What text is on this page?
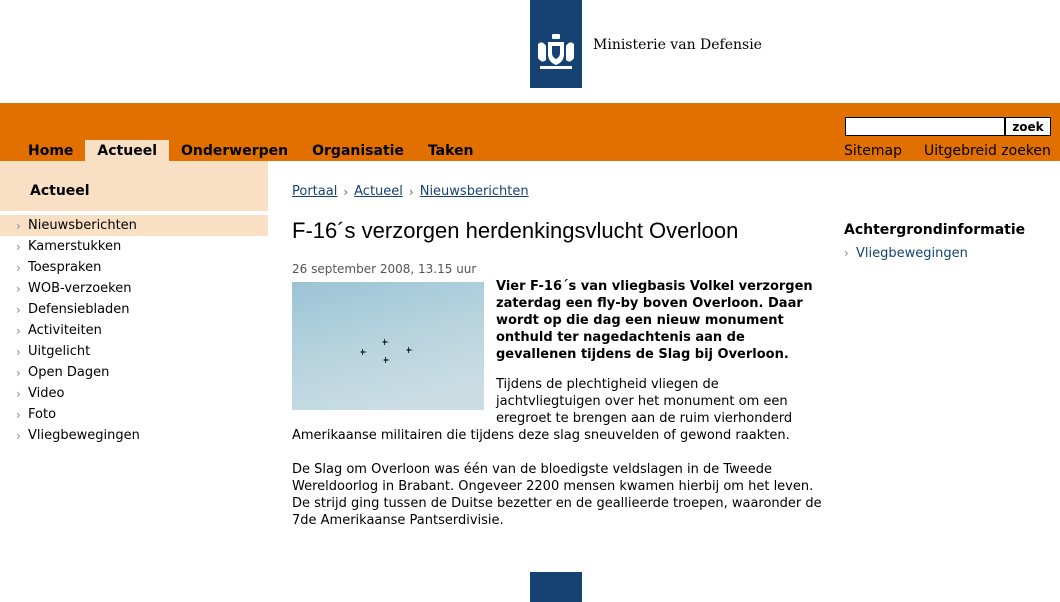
Ministerie van Defensie
zoek
Home	Actueel	Onderwerpen	Organisatie	Taken	Sitemap Uitgebreid zoeken
Actueel
› Nieuwsberichten
› Kamerstukken
› Toespraken
› WOB-verzoeken
› Defensiebladen
› Activiteiten
› Uitgelicht
› Open Dagen
› Video
› Foto
› Vliegbewegingen
Portaal › Actueel › Nieuwsberichten
F-16´s verzorgen herdenkingsvlucht Overloon
26 september 2008, 13.15 uur

Vier F-16´s van vliegbasis Volkel verzorgen zaterdag een fly-by boven Overloon. Daar wordt op die dag een nieuw monument onthuld ter nagedachtenis aan de gevallenen tijdens de Slag bij Overloon.

Tijdens de plechtigheid vliegen de jachtvliegtuigen over het monument om een eregroet te brengen aan de ruim vierhonderd

De Slag om Overloon was één van de bloedigste veldslagen in de Tweede Wereldoorlog in Brabant. Ongeveer 2200 mensen kwamen hierbij om het leven. De strijd ging tussen de Duitse bezetter en de geallieerde troepen, waaronder de 7de Amerikaanse Pantserdivisie.

Achtergrondinformatie
› Vliegbewegingen

Amerikaanse militairen die tijdens deze slag sneuvelden of gewond raakten.
